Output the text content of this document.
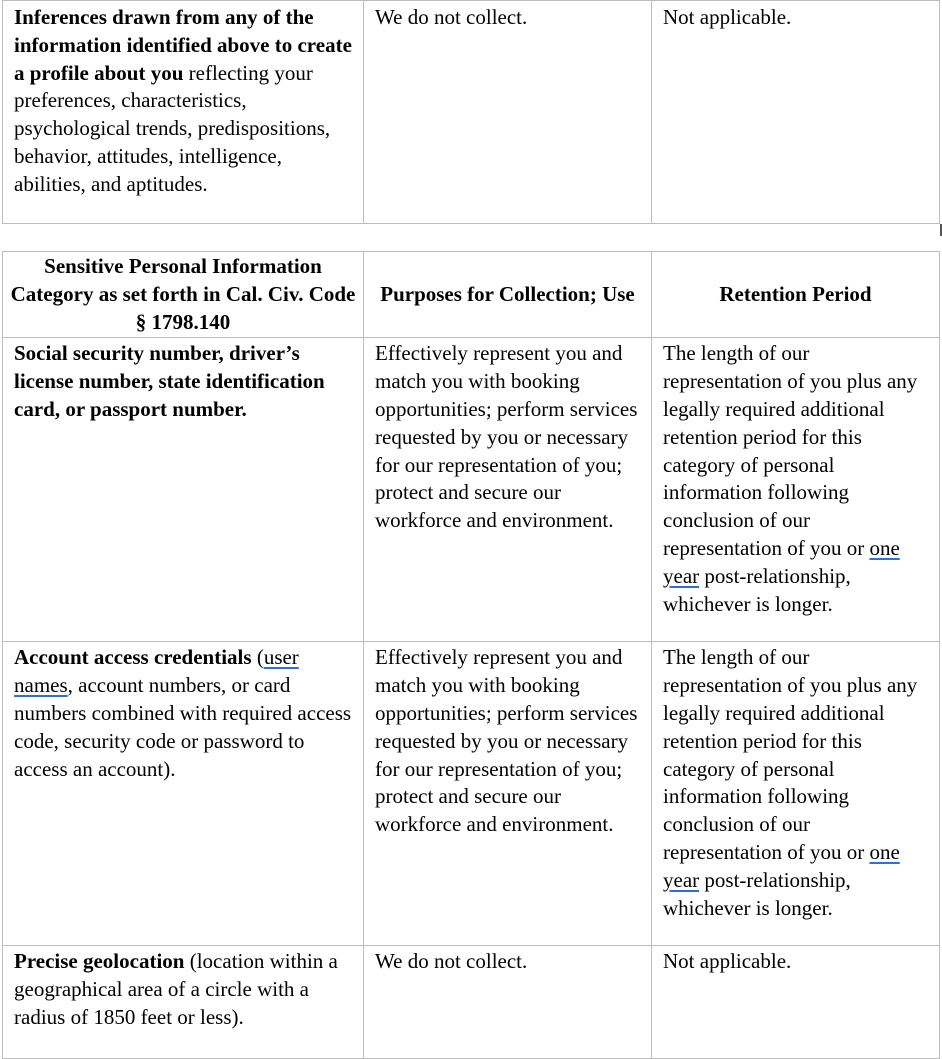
Inferences drawn from any of the information identified above to create a profile about you reflecting your preferences, characteristics, psychological trends, predispositions, behavior, attitudes, intelligence, abilities, and aptitudes.	We do not collect.	Not applicable.
Sensitive Personal Information Category as set forth in Cal. Civ. Code § 1798.140	Purposes for Collection; Use	Retention Period
Social security number, driver’s license number, state identification card, or passport number.	Effectively represent you and match you with booking opportunities; perform services requested by you or necessary for our representation of you; protect and secure our workforce and environment.	The length of our representation of you plus any legally required additional retention period for this category of personal information following conclusion of our representation of you or one year post-relationship, whichever is longer.
Account access credentials (user names, account numbers, or card numbers combined with required access code, security code or password to access an account).	Effectively represent you and match you with booking opportunities; perform services requested by you or necessary for our representation of you; protect and secure our workforce and environment.	The length of our representation of you plus any legally required additional retention period for this category of personal information following conclusion of our representation of you or one year post-relationship, whichever is longer.
Precise geolocation (location within a geographical area of a circle with a radius of 1850 feet or less).	We do not collect.	Not applicable.
